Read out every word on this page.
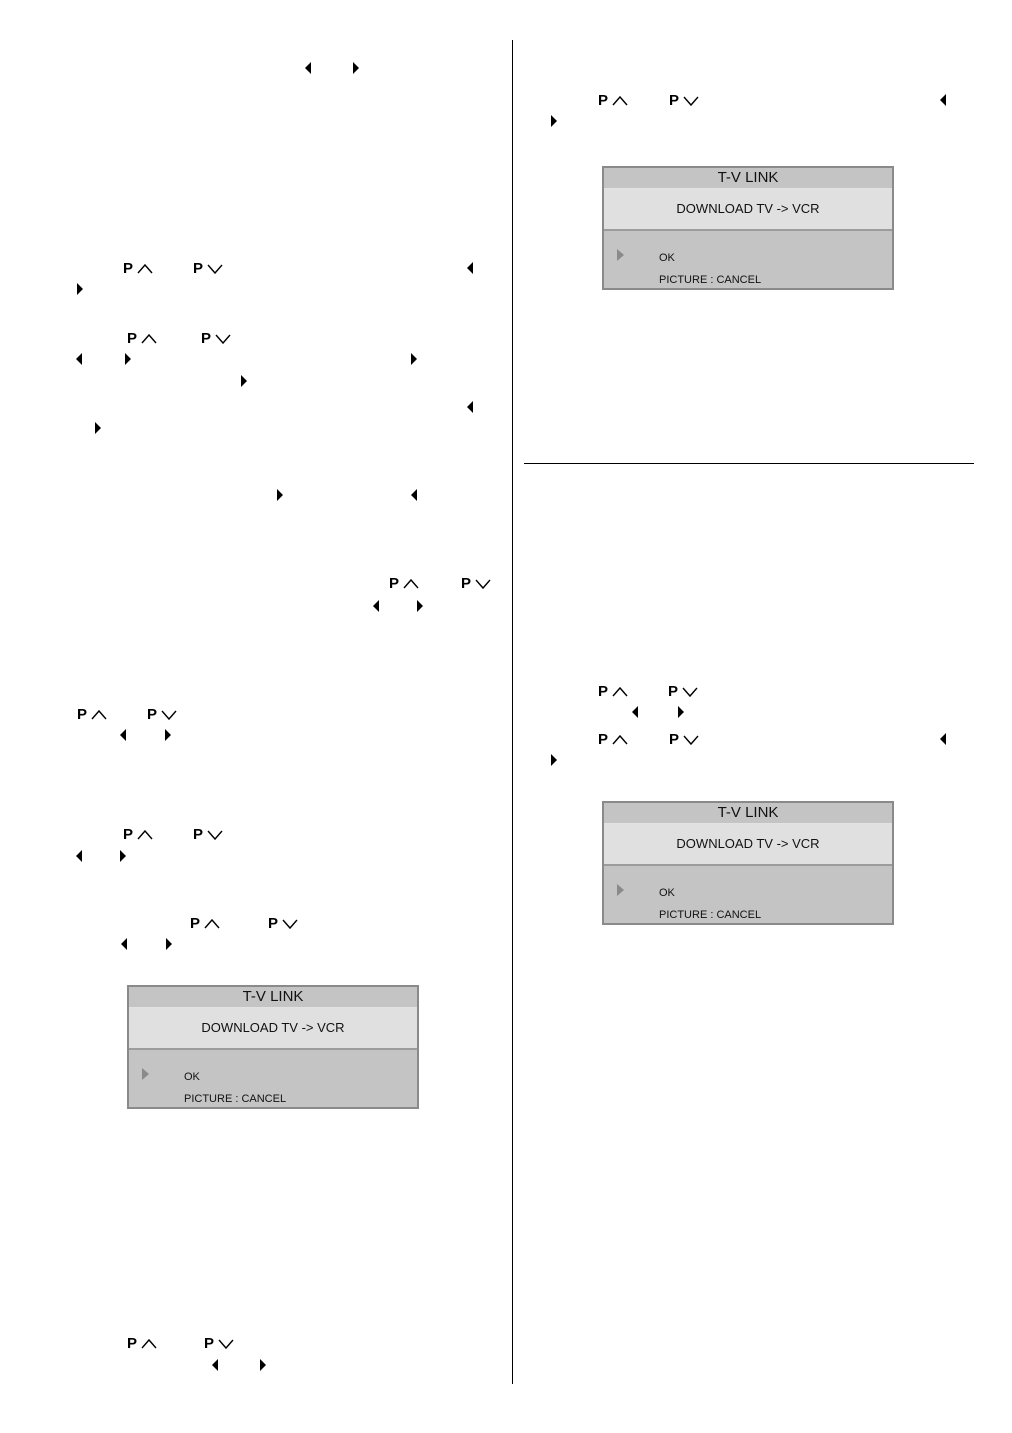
P	P
P	P
P	P
P	P
P	P
P	P
T-V LINK
DOWNLOAD TV -> VCR
OK
PICTURE : CANCEL
P	P
P	P
T-V LINK
DOWNLOAD TV -> VCR
OK
PICTURE : CANCEL
P	P
P	P
T-V LINK
DOWNLOAD TV -> VCR
OK
PICTURE : CANCEL
